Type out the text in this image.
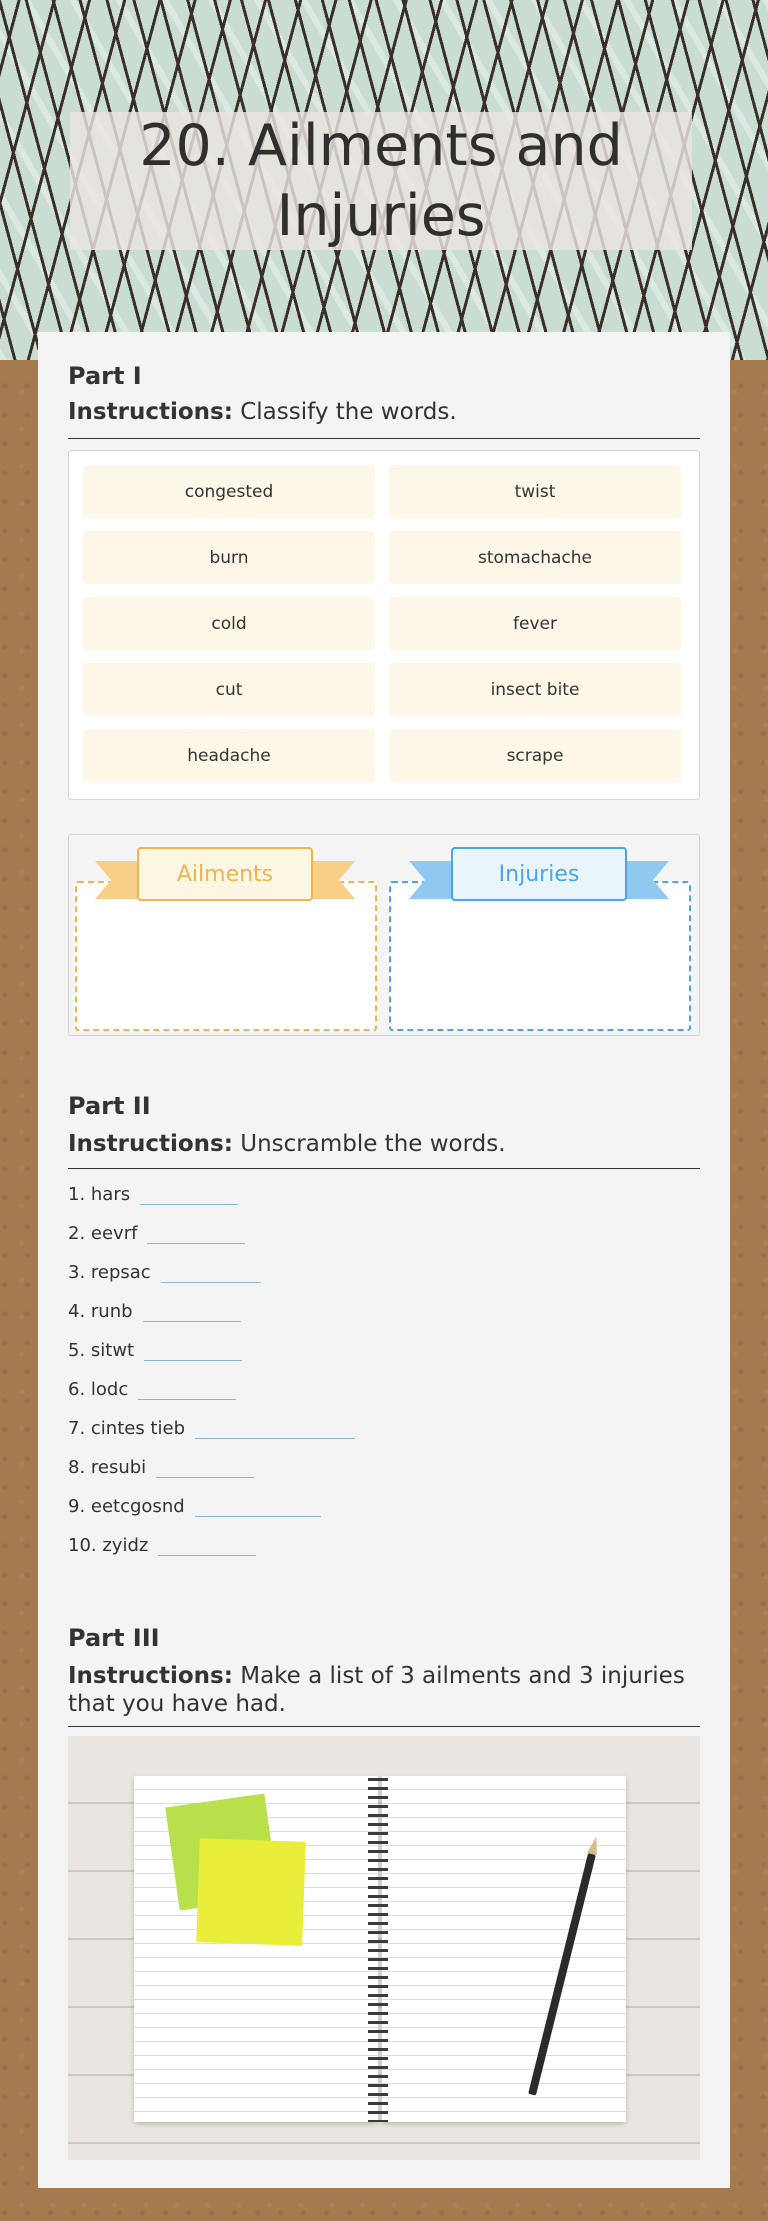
20. Ailments and Injuries
Part I
Instructions: Classify the words.
congested	twist
burn	stomachache
cold	fever
cut	insect bite
headache	scrape
Ailments	Injuries
Part II
Instructions: Unscramble the words.
1. hars
2. eevrf
3. repsac
4. runb
5. sitwt
6. lodc
7. cintes tieb
8. resubi
9. eetcgosnd
10. zyidz
Part III
Instructions: Make a list of 3 ailments and 3 injuries that you have had.
